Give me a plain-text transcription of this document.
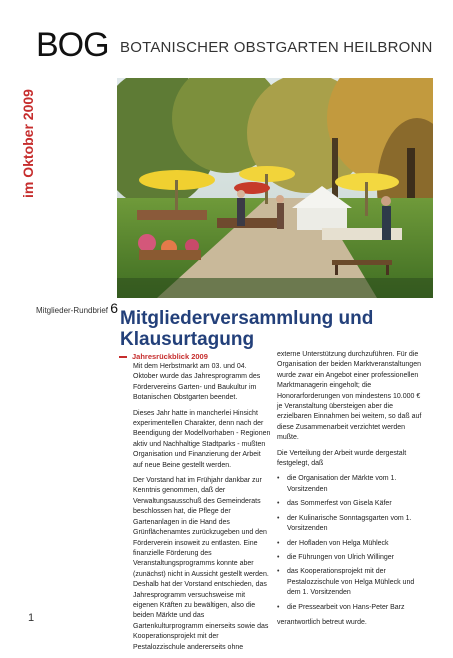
BOG BOTANISCHER OBSTGARTEN HEILBRONN
im Oktober 2009
Mitglieder-Rundbrief 6 Mitgliederversammlung und Klausurtagung
Jahresrückblick 2009

Mit dem Herbstmarkt am 03. und 04. Oktober wurde das Jahresprogramm des Fördervereins Garten- und Baukultur im Botanischen Obstgarten beendet.

Dieses Jahr hatte in mancherlei Hinsicht experimentellen Charakter, denn nach der Beendigung der Modellvorhaben - Regionen aktiv und Nachhaltige Stadtparks - mußten Organisation und Finanzierung der Arbeit auf neue Beine gestellt werden.

Der Vorstand hat im Frühjahr dankbar zur Kenntnis genommen, daß der Verwaltungsausschuß des Gemeinderats beschlossen hat, die Pflege der Gartenanlagen in die Hand des Grünflächenamtes zurückzugeben und den Förderverein insoweit zu entlasten. Eine finanzielle Förderung des Veranstaltungsprogramms konnte aber (zunächst) nicht in Aussicht gestellt werden. Deshalb hat der Vorstand entschieden, das Jahresprogramm versuchsweise mit eigenen Kräften zu bewältigen, also die beiden Märkte und das Gartenkulturprogramm einerseits sowie das Kooperationsprojekt mit der Pestalozzischule andererseits ohne

externe Unterstützung durchzuführen. Für die Organisation der beiden Marktveranstaltungen wurde zwar ein Angebot einer professionellen Marktmanagerin eingeholt; die Honorarforderungen von mindestens 10.000 € je Veranstaltung übersteigen aber die erzielbaren Einnahmen bei weitem, so daß auf diese Zusammenarbeit verzichtet werden mußte.

Die Verteilung der Arbeit wurde dergestalt festgelegt, daß

• die Organisation der Märkte vom 1. Vorsitzenden
• das Sommerfest von Gisela Käfer
• der Kulinarische Sonntagsgarten vom 1. Vorsitzenden
• der Hofladen von Helga Mühleck
• die Führungen von Ulrich Willinger
• das Kooperationsprojekt mit der Pestalozzischule von Helga Mühleck und dem 1. Vorsitzenden
• die Pressearbeit von Hans-Peter Barz

verantwortlich betreut wurde.

1
